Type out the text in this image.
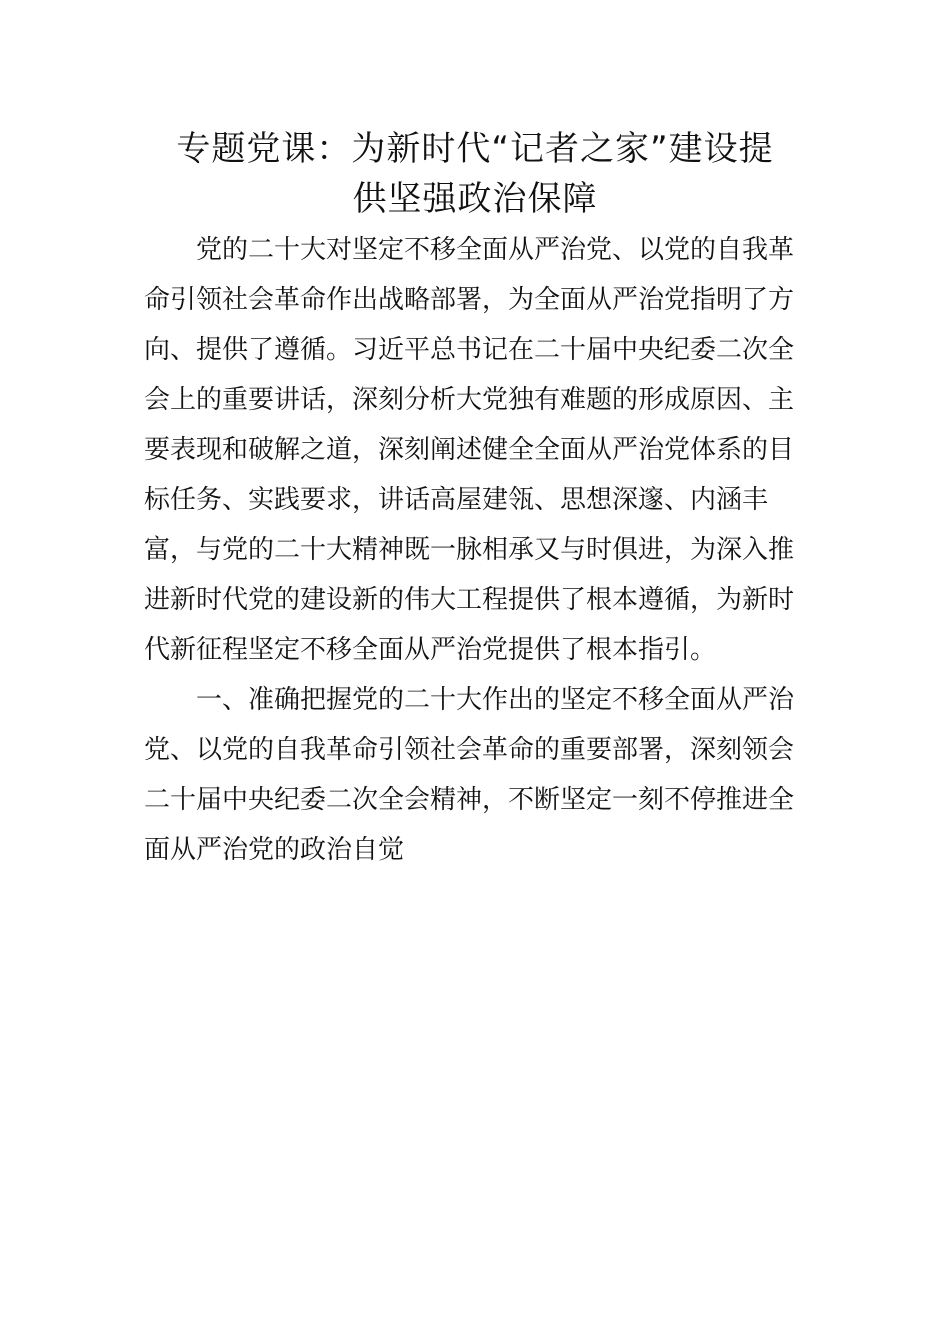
专题党课：为新时代“记者之家”建设提
供坚强政治保障

党的二十大对坚定不移全面从严治党、以党的自我革

命引领社会革命作出战略部署，为全面从严治党指明了方

向、提供了遵循。习近平总书记在二十届中央纪委二次全

会上的重要讲话，深刻分析大党独有难题的形成原因、主

要表现和破解之道，深刻阐述健全全面从严治党体系的目

标任务、实践要求，讲话高屋建瓴、思想深邃、内涵丰

富，与党的二十大精神既一脉相承又与时俱进，为深入推

进新时代党的建设新的伟大工程提供了根本遵循，为新时

代新征程坚定不移全面从严治党提供了根本指引。

一、准确把握党的二十大作出的坚定不移全面从严治

党、以党的自我革命引领社会革命的重要部署，深刻领会

二十届中央纪委二次全会精神，不断坚定一刻不停推进全

面从严治党的政治自觉
